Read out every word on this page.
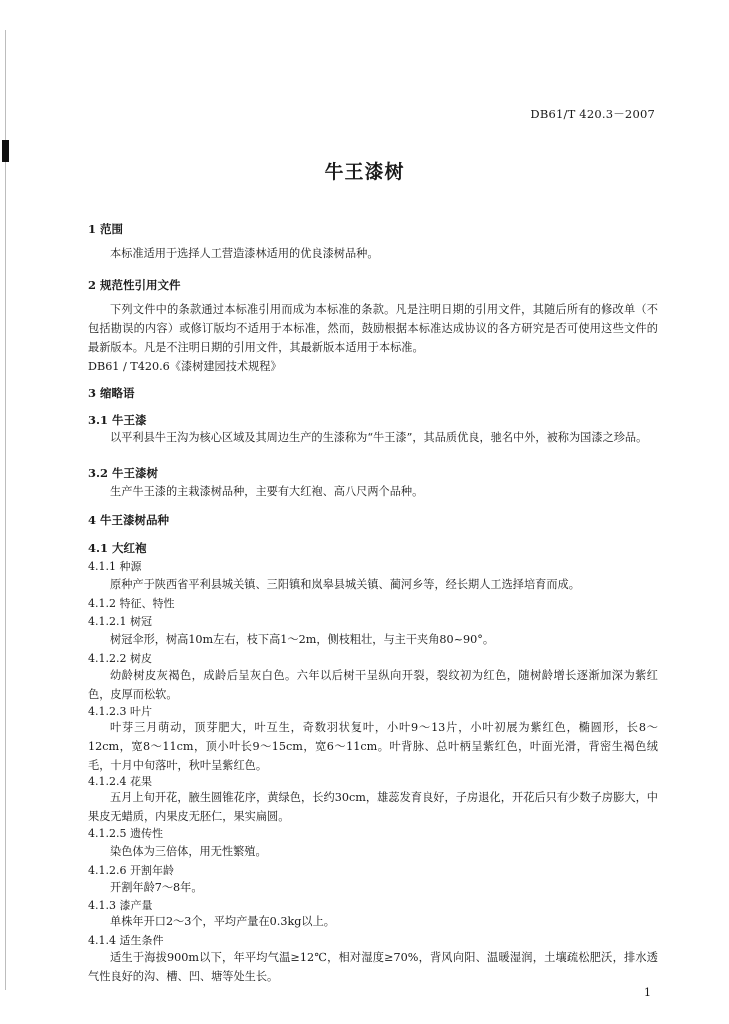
DB61/T 420.3－2007
牛王漆树
1 范围
本标准适用于选择人工营造漆林适用的优良漆树品种。
2 规范性引用文件
下列文件中的条款通过本标准引用而成为本标准的条款。凡是注明日期的引用文件，其随后所有的修改单（不包括勘误的内容）或修订版均不适用于本标准，然而，鼓励根据本标准达成协议的各方研究是否可使用这些文件的最新版本。凡是不注明日期的引用文件，其最新版本适用于本标准。
DB61 / T420.6《漆树建园技术规程》
3 缩略语
3.1 牛王漆
以平利县牛王沟为核心区域及其周边生产的生漆称为“牛王漆”，其品质优良，驰名中外，被称为国漆之珍品。
3.2 牛王漆树
生产牛王漆的主栽漆树品种，主要有大红袍、高八尺两个品种。
4 牛王漆树品种
4.1 大红袍
4.1.1 种源
原种产于陕西省平利县城关镇、三阳镇和岚皋县城关镇、蔺河乡等，经长期人工选择培育而成。
4.1.2 特征、特性
4.1.2.1 树冠
树冠伞形，树高10m左右，枝下高1～2m，侧枝粗壮，与主干夹角80~90°。
4.1.2.2 树皮
幼龄树皮灰褐色，成龄后呈灰白色。六年以后树干呈纵向开裂，裂纹初为红色，随树龄增长逐渐加深为紫红色，皮厚而松软。
4.1.2.3 叶片
叶芽三月萌动，顶芽肥大，叶互生，奇数羽状复叶，小叶9～13片，小叶初展为紫红色，椭圆形，长8～12cm，宽8～11cm，顶小叶长9～15cm，宽6～11cm。叶背脉、总叶柄呈紫红色，叶面光滑，背密生褐色绒毛，十月中旬落叶，秋叶呈紫红色。
4.1.2.4 花果
五月上旬开花，腋生圆锥花序，黄绿色，长约30cm，雄蕊发育良好，子房退化，开花后只有少数子房膨大，中果皮无蜡质，内果皮无胚仁，果实扁圆。
4.1.2.5 遗传性
染色体为三倍体，用无性繁殖。
4.1.2.6 开割年龄
开割年龄7～8年。
4.1.3 漆产量
单株年开口2～3个，平均产量在0.3kg以上。
4.1.4 适生条件
适生于海拔900m以下，年平均气温≥12℃，相对湿度≥70%，背风向阳、温暖湿润，土壤疏松肥沃，排水透气性良好的沟、槽、凹、塘等处生长。
1
